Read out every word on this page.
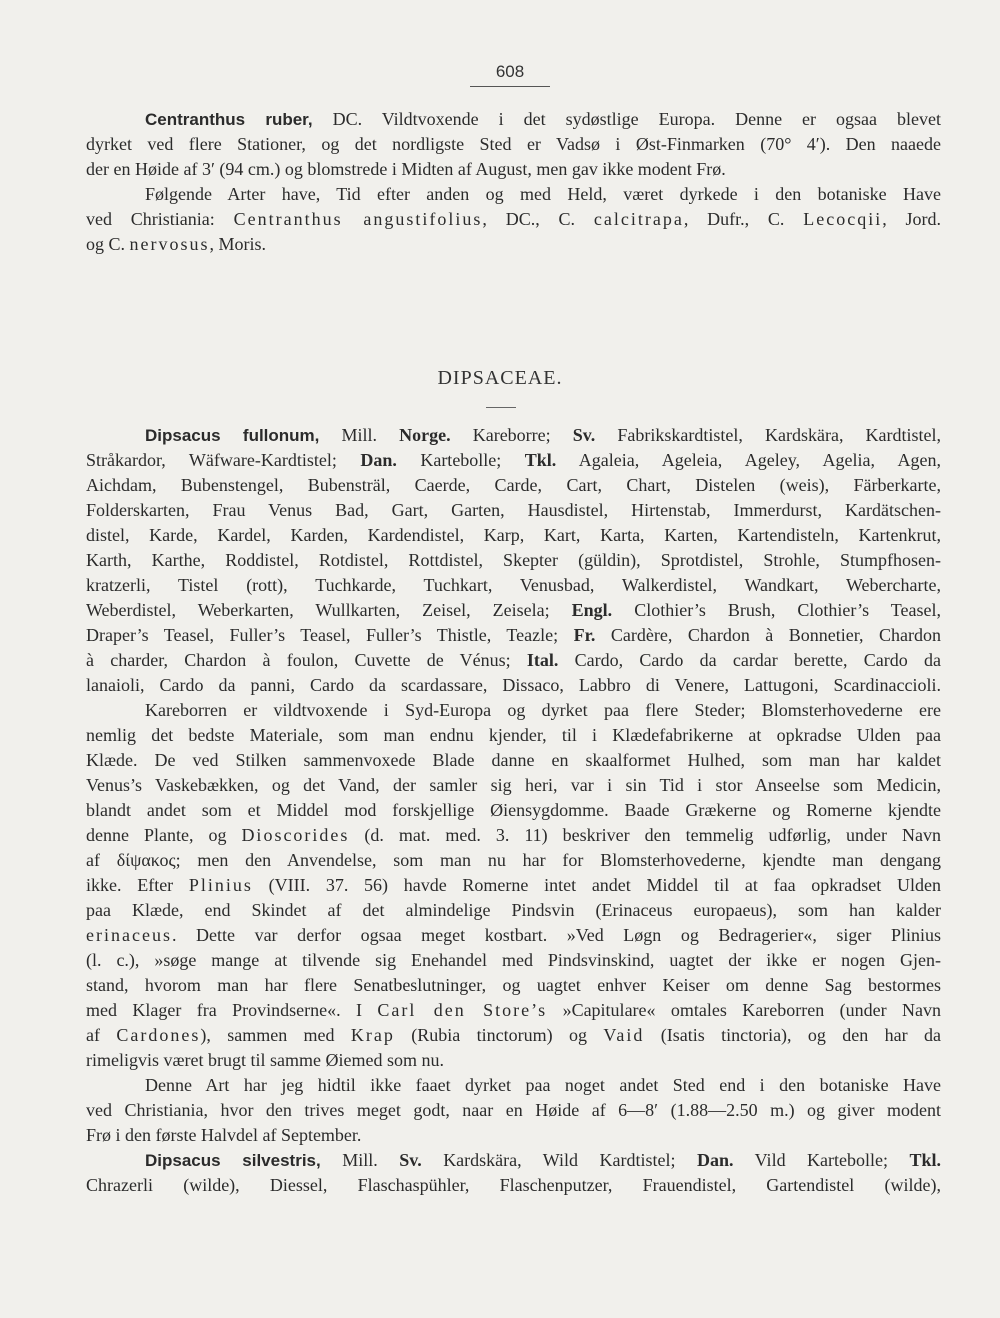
608
Centranthus ruber, DC. Vildtvoxende i det sydøstlige Europa. Denne er ogsaa blevet
dyrket ved flere Stationer, og det nordligste Sted er Vadsø i Øst-Finmarken (70° 4′). Den naaede
der en Høide af 3′ (94 cm.) og blomstrede i Midten af August, men gav ikke modent Frø.
Følgende Arter have, Tid efter anden og med Held, været dyrkede i den botaniske Have
ved Christiania: Centranthus angustifolius, DC., C. calcitrapa, Dufr., C. Lecocqii, Jord.
og C. nervosus, Moris.
DIPSACEAE.
Dipsacus fullonum, Mill. Norge. Kareborre; Sv. Fabrikskardtistel, Kardskära, Kardtistel,
Stråkardor, Wäfware-Kardtistel; Dan. Kartebolle; Tkl. Agaleia, Ageleia, Ageley, Agelia, Agen,
Aichdam, Bubenstengel, Bubensträl, Caerde, Carde, Cart, Chart, Distelen (weis), Färberkarte,
Folderskarten, Frau Venus Bad, Gart, Garten, Hausdistel, Hirtenstab, Immerdurst, Kardätschen-
distel, Karde, Kardel, Karden, Kardendistel, Karp, Kart, Karta, Karten, Kartendisteln, Kartenkrut,
Karth, Karthe, Roddistel, Rotdistel, Rottdistel, Skepter (güldin), Sprotdistel, Strohle, Stumpfhosen-
kratzerli, Tistel (rott), Tuchkarde, Tuchkart, Venusbad, Walkerdistel, Wandkart, Webercharte,
Weberdistel, Weberkarten, Wullkarten, Zeisel, Zeisela; Engl. Clothier’s Brush, Clothier’s Teasel,
Draper’s Teasel, Fuller’s Teasel, Fuller’s Thistle, Teazle; Fr. Cardère, Chardon à Bonnetier, Chardon
à charder, Chardon à foulon, Cuvette de Vénus; Ital. Cardo, Cardo da cardar berette, Cardo da
lanaioli, Cardo da panni, Cardo da scardassare, Dissaco, Labbro di Venere, Lattugoni, Scardinaccioli.
Kareborren er vildtvoxende i Syd-Europa og dyrket paa flere Steder; Blomsterhovederne ere
nemlig det bedste Materiale, som man endnu kjender, til i Klædefabrikerne at opkradse Ulden paa
Klæde. De ved Stilken sammenvoxede Blade danne en skaalformet Hulhed, som man har kaldet
Venus’s Vaskebækken, og det Vand, der samler sig heri, var i sin Tid i stor Anseelse som Medicin,
blandt andet som et Middel mod forskjellige Øiensygdomme. Baade Grækerne og Romerne kjendte
denne Plante, og Dioscorides (d. mat. med. 3. 11) beskriver den temmelig udførlig, under Navn
af δίψακος; men den Anvendelse, som man nu har for Blomsterhovederne, kjendte man dengang
ikke. Efter Plinius (VIII. 37. 56) havde Romerne intet andet Middel til at faa opkradset Ulden
paa Klæde, end Skindet af det almindelige Pindsvin (Erinaceus europaeus), som han kalder
erinaceus. Dette var derfor ogsaa meget kostbart. »Ved Løgn og Bedragerier«, siger Plinius
(l. c.), »søge mange at tilvende sig Enehandel med Pindsvinskind, uagtet der ikke er nogen Gjen-
stand, hvorom man har flere Senatbeslutninger, og uagtet enhver Keiser om denne Sag bestormes
med Klager fra Provindserne«. I Carl den Store’s »Capitulare« omtales Kareborren (under Navn
af Cardones), sammen med Krap (Rubia tinctorum) og Vaid (Isatis tinctoria), og den har da
rimeligvis været brugt til samme Øiemed som nu.
Denne Art har jeg hidtil ikke faaet dyrket paa noget andet Sted end i den botaniske Have
ved Christiania, hvor den trives meget godt, naar en Høide af 6—8′ (1.88—2.50 m.) og giver modent
Frø i den første Halvdel af September.
Dipsacus silvestris, Mill. Sv. Kardskära, Wild Kardtistel; Dan. Vild Kartebolle; Tkl.
Chrazerli (wilde), Diessel, Flaschaspühler, Flaschenputzer, Frauendistel, Gartendistel (wilde),
